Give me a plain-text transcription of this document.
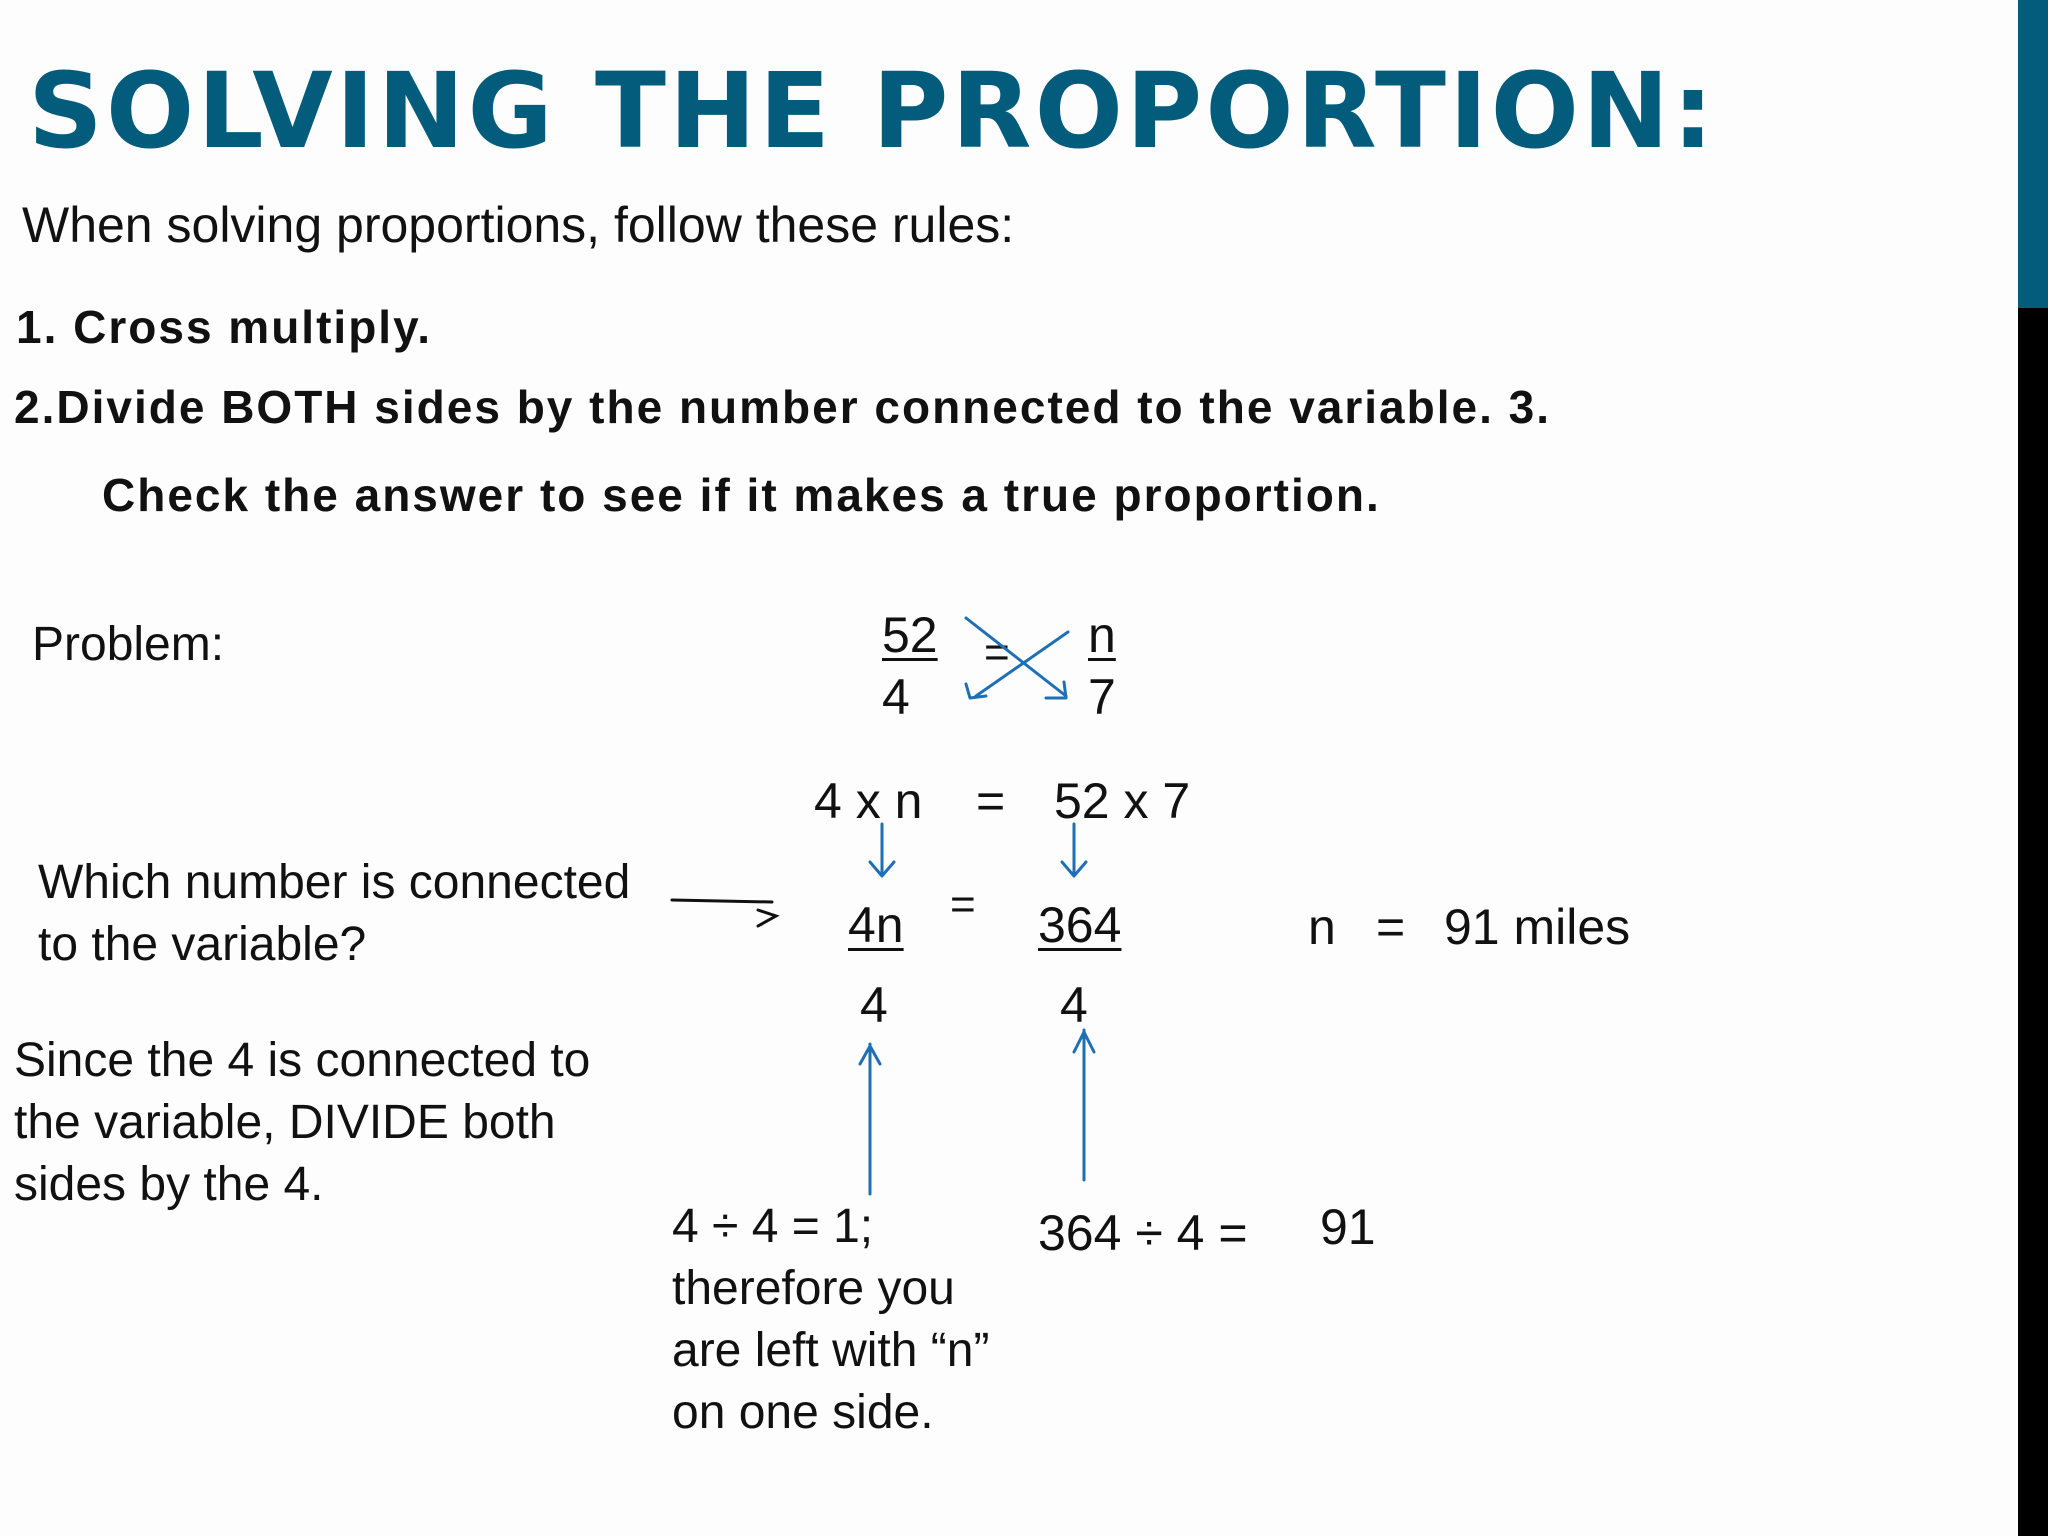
SOLVING THE PROPORTION:
When solving proportions, follow these rules:
1. Cross multiply.
2.Divide BOTH sides by the number connected to the variable. 3.
Check the answer to see if it makes a true proportion.
Problem:	52
4
= n
7
4 x n = 52 x 7
4n
4
= 364
4
n = 91 miles
Which number is connected to the variable?
Since the 4 is connected to the variable, DIVIDE both sides by the 4.
4 ÷ 4 = 1; therefore you are left with “n” on one side.
364 ÷ 4 = 91
